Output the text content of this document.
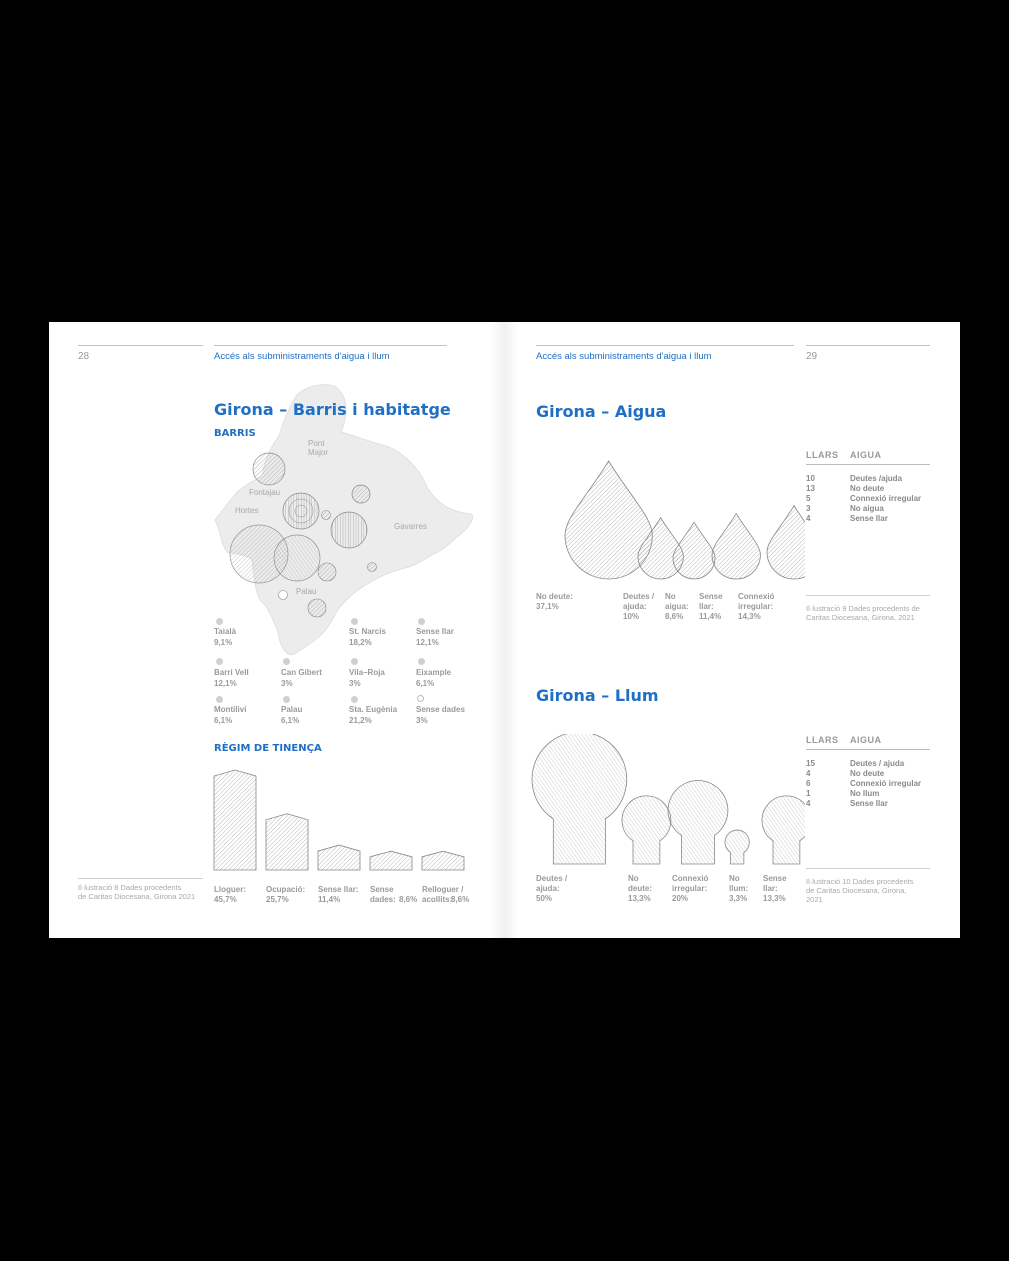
28	Accés als subministraments d'aigua i llum
Pont
Major
Fontajau
Hortes
Gavarres
Palau
Girona – Barris i habitatge
BARRIS
Taialà
9,1%
St. Narcís
18,2%
Sense llar
12,1%
Barri Vell
12,1%
Can Gibert
3%
Vila–Roja
3%
Eixample
6,1%
Montilivi
6,1%
Palau
6,1%
Sta. Eugènia
21,2%
Sense dades
3%
RÈGIM DE TINENÇA
Lloguer:
45,7%
Ocupació:
25,7%
Sense llar:
11,4%
Sense
dades: 8,6%
Relloguer /
acollits:
8,6%
Il·lustració 8 Dades procedents
de Caritas Diocesana, Girona 2021
Accés als subministraments d'aigua i llum	29
Girona – Aigua
No deute:
37,1%
Deutes /
ajuda:
10%
No
aigua:
8,6%
Sense
llar:
11,4%
Connexió
irregular:
14,3%
LLARS AIGUA
10	Deutes /ajuda
13	No deute
5	Connexió irregular
3	No aigua
4	Sense llar
Il·lustració 9 Dades procedents de
Caritas Diocesana, Girona, 2021
Girona – Llum
Deutes /
ajuda:
50%
No
deute:
13,3%
Connexió
irregular:
20%
No
llum:
3,3%
Sense
llar:
13,3%
LLARS AIGUA
15	Deutes / ajuda
4	No deute
6	Connexió irregular
1	No llum
4	Sense llar
Il·lustració 10 Dades procedents
de Caritas Diocesana, Girona,
2021
